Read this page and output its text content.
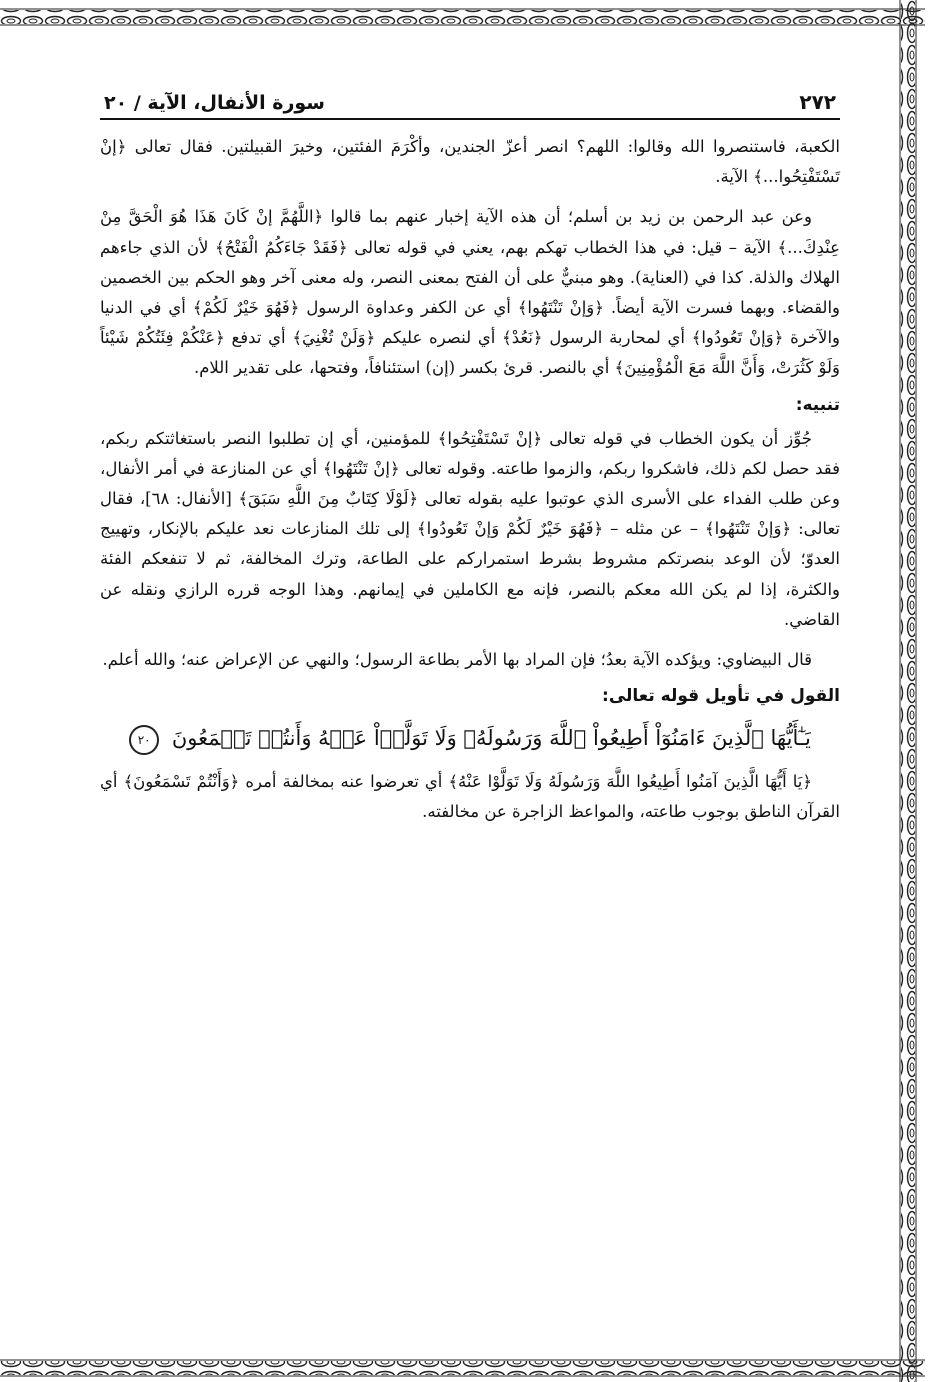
٢٧٢
سورة الأنفال، الآية / ٢٠

الكعبة، فاستنصروا الله وقالوا: اللهم؟ انصر أعزّ الجندين، وأكْرَمَ الفئتين، وخيرَ القبيلتين. فقال تعالى ﴿إنْ تَسْتَفْتِحُوا...﴾ الآية.

وعن عبد الرحمن بن زيد بن أسلم؛ أن هذه الآية إخبار عنهم بما قالوا ﴿اللَّهُمَّ إنْ كَانَ هَذَا هُوَ الْحَقَّ مِنْ عِنْدِكَ...﴾ الآية – قيل: في هذا الخطاب تهكم بهم، يعني في قوله تعالى ﴿فَقَدْ جَاءَكُمُ الْفَتْحُ﴾ لأن الذي جاءهم الهلاك والذلة. كذا في (العناية). وهو مبنيٌّ على أن الفتح بمعنى النصر، وله معنى آخر وهو الحكم بين الخصمين والقضاء. وبهما فسرت الآية أيضاً. ﴿وَإنْ تَنْتَهُوا﴾ أي عن الكفر وعداوة الرسول ﴿فَهُوَ خَيْرٌ لَكُمْ﴾ أي في الدنيا والآخرة ﴿وَإنْ تَعُودُوا﴾ أي لمحاربة الرسول ﴿نَعُدْ﴾ أي لنصره عليكم ﴿وَلَنْ تُغْنِيَ﴾ أي تدفع ﴿عَنْكُمْ فِئَتُكُمْ شَيْئاً وَلَوْ كَثُرَتْ، وَأَنَّ اللَّهَ مَعَ الْمُؤْمِنِينَ﴾ أي بالنصر. قرئ بكسر (إن) استئنافاً، وفتحها، على تقدير اللام.

تنبيه:

جُوِّز أن يكون الخطاب في قوله تعالى ﴿إنْ تَسْتَفْتِحُوا﴾ للمؤمنين، أي إن تطلبوا النصر باستغاثتكم ربكم، فقد حصل لكم ذلك، فاشكروا ربكم، والزموا طاعته. وقوله تعالى ﴿إنْ تَنْتَهُوا﴾ أي عن المنازعة في أمر الأنفال، وعن طلب الفداء على الأسرى الذي عوتبوا عليه بقوله تعالى ﴿لَوْلَا كِتَابٌ مِنَ اللَّهِ سَبَقَ﴾ [الأنفال: ٦٨]، فقال تعالى: ﴿وَإنْ تَنْتَهُوا﴾ – عن مثله – ﴿فَهُوَ خَيْرٌ لَكُمْ وَإنْ تَعُودُوا﴾ إلى تلك المنازعات نعد عليكم بالإنكار، وتهييج العدوّ؛ لأن الوعد بنصرتكم مشروط بشرط استمراركم على الطاعة، وترك المخالفة، ثم لا تنفعكم الفئة والكثرة، إذا لم يكن الله معكم بالنصر، فإنه مع الكاملين في إيمانهم. وهذا الوجه قرره الرازي ونقله عن القاضي.

قال البيضاوي: ويؤكده الآية بعدُ؛ فإن المراد بها الأمر بطاعة الرسول؛ والنهي عن الإعراض عنه؛ والله أعلم.

القول في تأويل قوله تعالى:
يَـٰٓأَيُّهَا ٱلَّذِينَ ءَامَنُوٓاْ أَطِيعُواْ ٱللَّهَ وَرَسُولَهُۥ وَلَا تَوَلَّوۡاْ عَنۡهُ وَأَنتُمۡ تَسۡمَعُونَ ٢٠

﴿يَا أَيُّهَا الَّذِينَ آمَنُوا أَطِيعُوا اللَّهَ وَرَسُولَهُ وَلَا تَوَلَّوْا عَنْهُ﴾ أي تعرضوا عنه بمخالفة أمره ﴿وَأَنْتُمْ تَسْمَعُونَ﴾ أي القرآن الناطق بوجوب طاعته، والمواعظ الزاجرة عن مخالفته.
